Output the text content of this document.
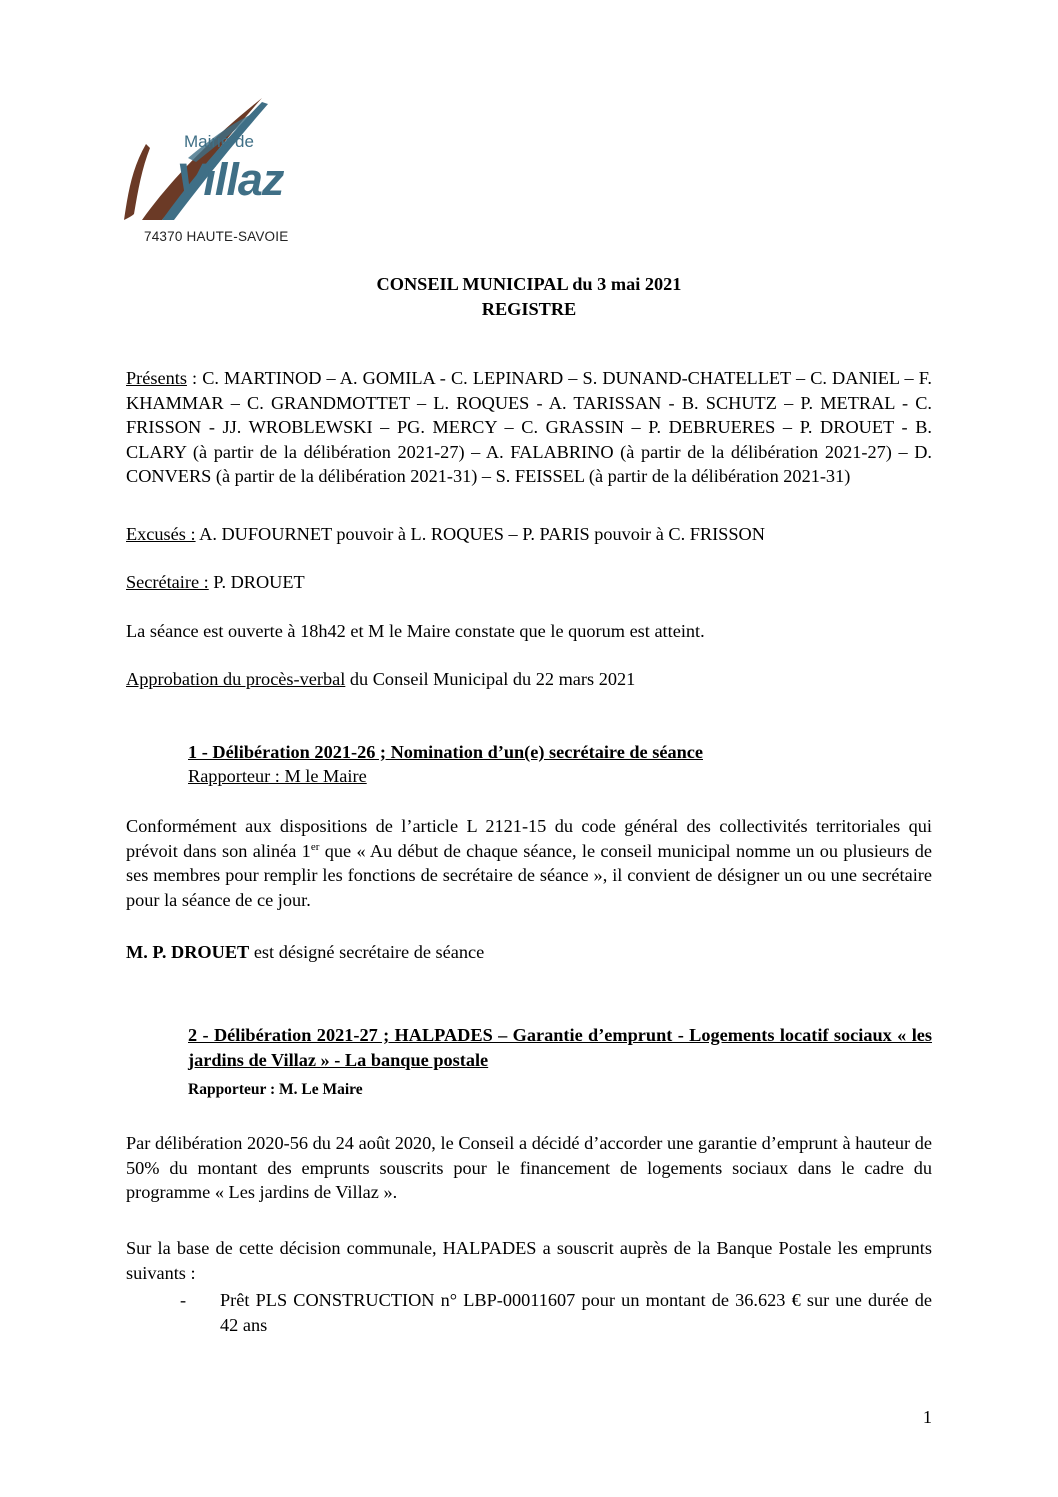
Mairie de
Villaz
74370 HAUTE-SAVOIE
CONSEIL MUNICIPAL du 3 mai 2021
REGISTRE

Présents : C. MARTINOD – A. GOMILA - C. LEPINARD – S. DUNAND-CHATELLET – C. DANIEL – F. KHAMMAR – C. GRANDMOTTET – L. ROQUES - A. TARISSAN - B. SCHUTZ – P. METRAL - C. FRISSON - JJ. WROBLEWSKI – PG. MERCY – C. GRASSIN – P. DEBRUERES – P. DROUET - B. CLARY (à partir de la délibération 2021-27) – A. FALABRINO (à partir de la délibération 2021-27) – D. CONVERS (à partir de la délibération 2021-31) – S. FEISSEL (à partir de la délibération 2021-31)

Excusés : A. DUFOURNET pouvoir à L. ROQUES – P. PARIS pouvoir à C. FRISSON

Secrétaire : P. DROUET

La séance est ouverte à 18h42 et M le Maire constate que le quorum est atteint.

Approbation du procès-verbal du Conseil Municipal du 22 mars 2021

1 - Délibération 2021-26 ; Nomination d’un(e) secrétaire de séance

Rapporteur : M le Maire

Conformément aux dispositions de l’article L 2121-15 du code général des collectivités territoriales qui prévoit dans son alinéa 1er que « Au début de chaque séance, le conseil municipal nomme un ou plusieurs de ses membres pour remplir les fonctions de secrétaire de séance », il convient de désigner un ou une secrétaire pour la séance de ce jour.

M. P. DROUET est désigné secrétaire de séance

2 - Délibération 2021-27 ; HALPADES – Garantie d’emprunt - Logements locatif sociaux « les jardins de Villaz » - La banque postale

Rapporteur : M. Le Maire

Par délibération 2020-56 du 24 août 2020, le Conseil a décidé d’accorder une garantie d’emprunt à hauteur de 50% du montant des emprunts souscrits pour le financement de logements sociaux dans le cadre du programme « Les jardins de Villaz ».

Sur la base de cette décision communale, HALPADES a souscrit auprès de la Banque Postale les emprunts suivants :

- Prêt PLS CONSTRUCTION n° LBP-00011607 pour un montant de 36.623 € sur une durée de 42 ans

1
